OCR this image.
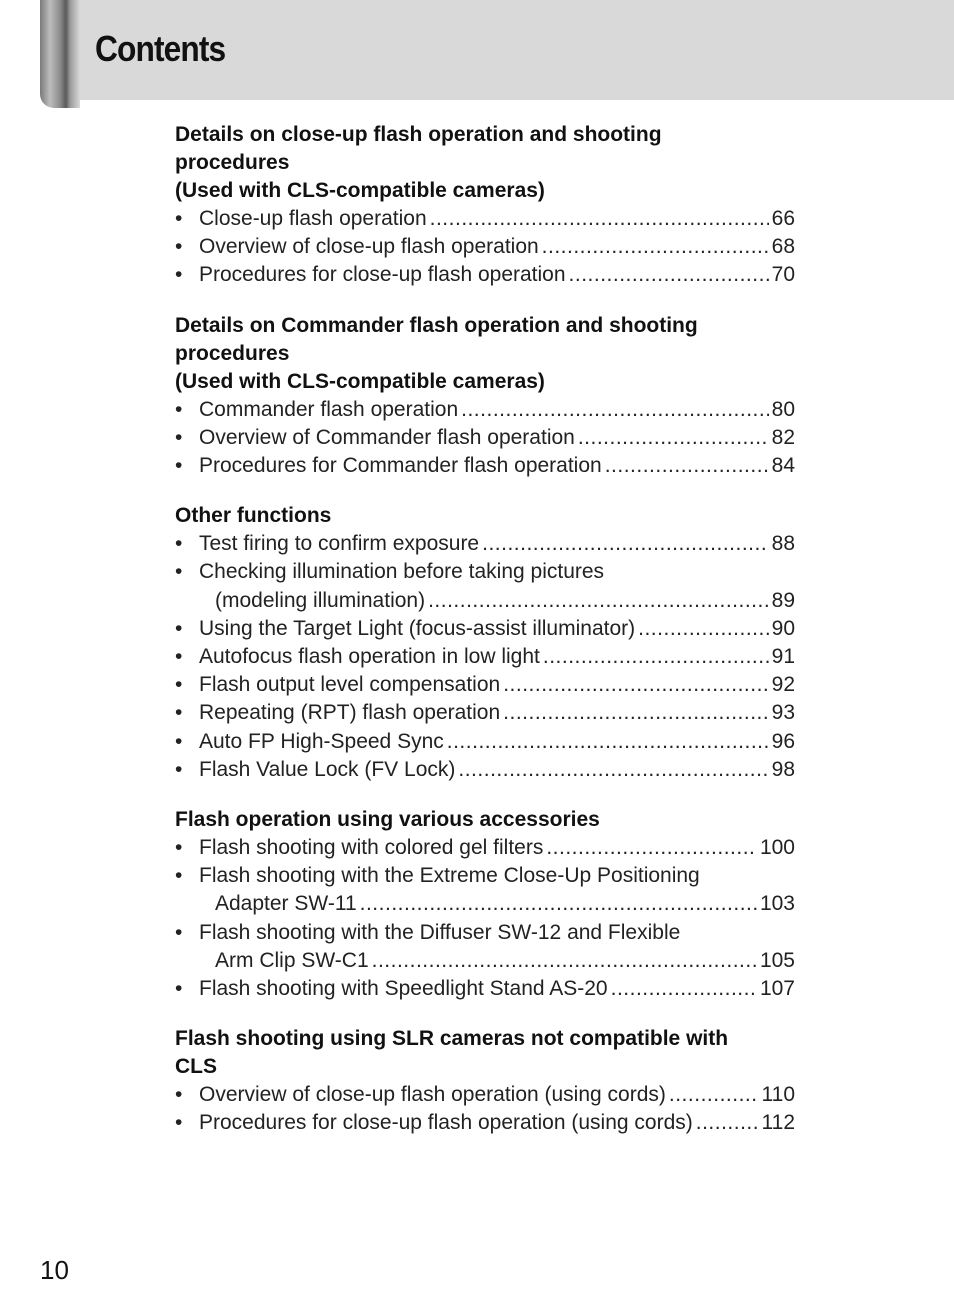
Contents
Details on close-up flash operation and shooting procedures
(Used with CLS-compatible cameras)
• Close-up flash operation .....	66
• Overview of close-up flash operation .....	68
• Procedures for close-up flash operation .....	70
Details on Commander flash operation and shooting procedures
(Used with CLS-compatible cameras)
• Commander flash operation .....	80
• Overview of Commander flash operation .....	82
• Procedures for Commander flash operation .....	84
Other functions
• Test firing to confirm exposure .....	88
• Checking illumination before taking pictures
(modeling illumination) .....	89
• Using the Target Light (focus-assist illuminator) .....	90
• Autofocus flash operation in low light .....	91
• Flash output level compensation .....	92
• Repeating (RPT) flash operation .....	93
• Auto FP High-Speed Sync .....	96
• Flash Value Lock (FV Lock) .....	98
Flash operation using various accessories
• Flash shooting with colored gel filters .....	100
• Flash shooting with the Extreme Close-Up Positioning
Adapter SW-11 .....	103
• Flash shooting with the Diffuser SW-12 and Flexible
Arm Clip SW-C1 .....	105
• Flash shooting with Speedlight Stand AS-20 .....	107
Flash shooting using SLR cameras not compatible with CLS
• Overview of close-up flash operation (using cords) .....	110
• Procedures for close-up flash operation (using cords) .....	112
10
